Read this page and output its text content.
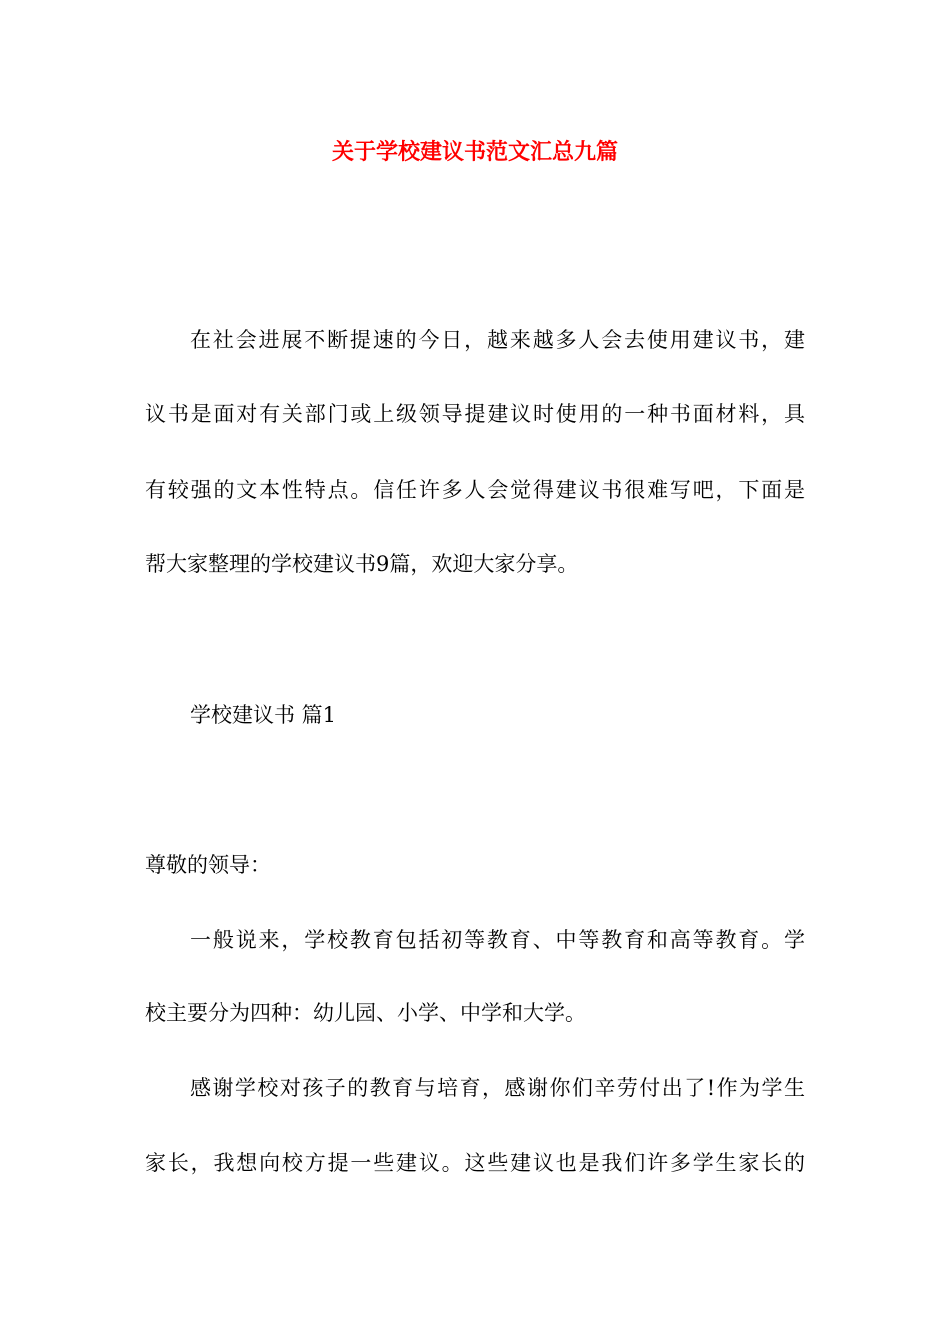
关于学校建议书范文汇总九篇
在社会进展不断提速的今日，越来越多人会去使用建议书，建
议书是面对有关部门或上级领导提建议时使用的一种书面材料，具
有较强的文本性特点。信任许多人会觉得建议书很难写吧，下面是
帮大家整理的学校建议书9篇，欢迎大家分享。
学校建议书 篇1
尊敬的领导：
一般说来，学校教育包括初等教育、中等教育和高等教育。学
校主要分为四种：幼儿园、小学、中学和大学。
感谢学校对孩子的教育与培育，感谢你们辛劳付出了!作为学生
家长，我想向校方提一些建议。这些建议也是我们许多学生家长的
